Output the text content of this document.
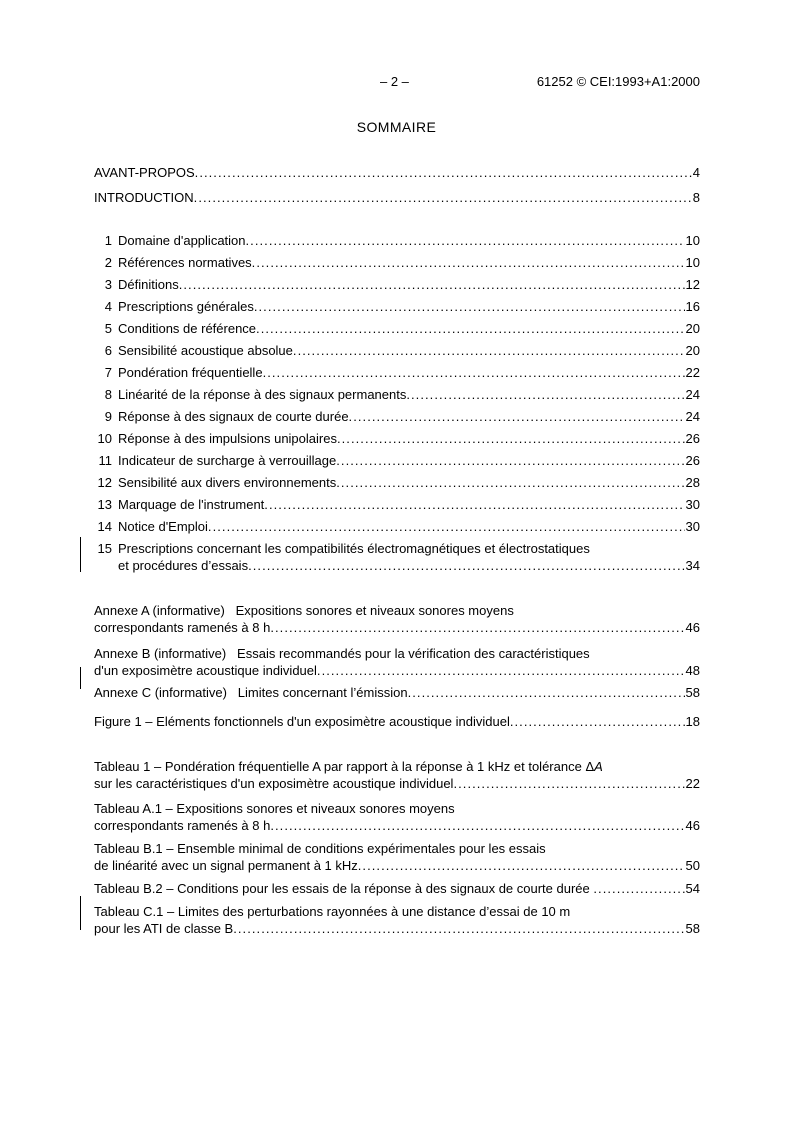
– 2 –	61252 © CEI:1993+A1:2000
SOMMAIRE
AVANT-PROPOS .....	4
INTRODUCTION .....	8
1 Domaine d'application .....	10
2 Références normatives .....	10
3 Définitions .....	12
4 Prescriptions générales .....	16
5 Conditions de référence .....	20
6 Sensibilité acoustique absolue .....	20
7 Pondération fréquentielle .....	22
8 Linéarité de la réponse à des signaux permanents .....	24
9 Réponse à des signaux de courte durée .....	24
10 Réponse à des impulsions unipolaires .....	26
11 Indicateur de surcharge à verrouillage .....	26
12 Sensibilité aux divers environnements .....	28
13 Marquage de l'instrument .....	30
14 Notice d'Emploi .....	30
15 Prescriptions concernant les compatibilités électromagnétiques et électrostatiques
et procédures d’essais .....	34
Annexe A (informative)   Expositions sonores et niveaux sonores moyens
correspondants ramenés à 8 h .....	46
Annexe B (informative)   Essais recommandés pour la vérification des caractéristiques
d'un exposimètre acoustique individuel .....	48
Annexe C (informative)   Limites concernant l’émission .....	58
Figure 1 – Eléments fonctionnels d'un exposimètre acoustique individuel .....	18
Tableau 1 – Pondération fréquentielle A par rapport à la réponse à 1 kHz et tolérance ΔA
sur les caractéristiques d'un exposimètre acoustique individuel .....	22
Tableau A.1 – Expositions sonores et niveaux sonores moyens
correspondants ramenés à 8 h .....	46
Tableau B.1 – Ensemble minimal de conditions expérimentales pour les essais
de linéarité avec un signal permanent à 1 kHz .....	50
Tableau B.2 – Conditions pour les essais de la réponse à des signaux de courte durée .....	54
Tableau C.1 – Limites des perturbations rayonnées à une distance d’essai de 10 m
pour les ATI de classe B .....	58
